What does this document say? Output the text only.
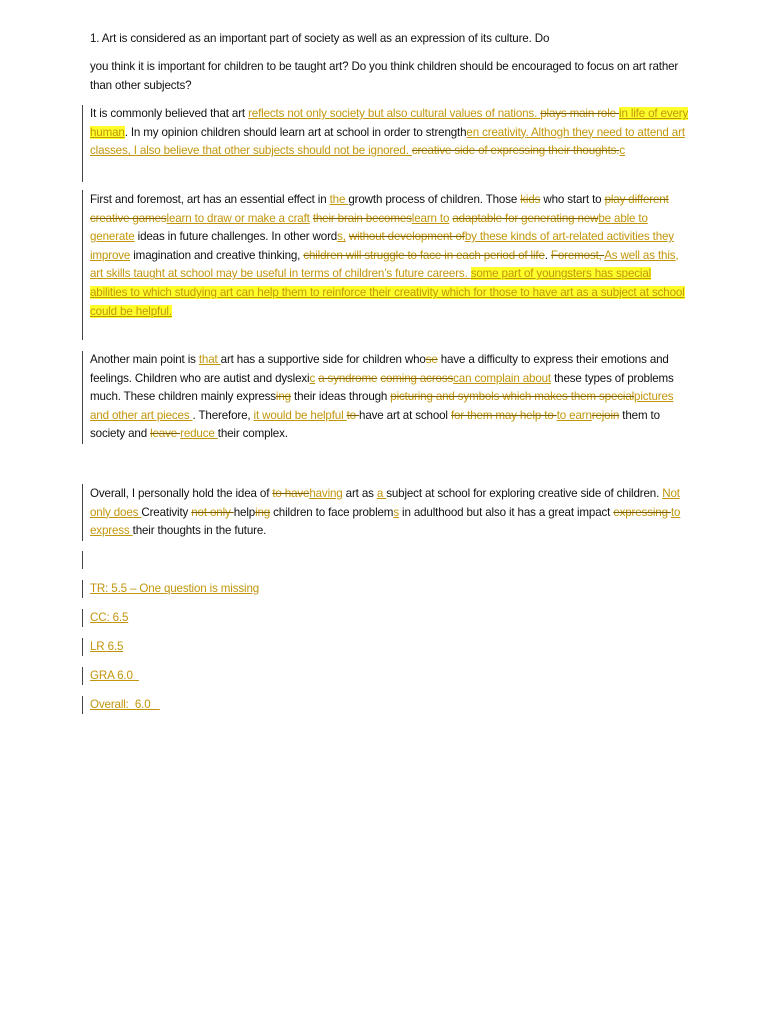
1. Art is considered as an important part of society as well as an expression of its culture. Do
you think it is important for children to be taught art? Do you think children should be encouraged to focus on art rather than other subjects?
It is commonly believed that art reflects not only society but also cultural values of nations. plays main role in life of every human. In my opinion children should learn art at school in order to strengthen creativity. Althogh they need to attend art classes, I also believe that other subjects should not be ignored. creative side of expressing their thoughts.c
First and foremost, art has an essential effect in the growth process of children. Those kids who start to play different creative gameslearn to draw or make a craft their brain becomeslearn to adaptable for generating newbe able to generate ideas in future challenges. In other words, without development ofby these kinds of art-related activities they improve imagination and creative thinking, children will struggle to face in each period of life. Foremost, As well as this, art skills taught at school may be useful in terms of children’s future careers. some part of youngsters has special abilities to which studying art can help them to reinforce their creativity which for those to have art as a subject at school could be helpful.
Another main point is that art has a supportive side for children whose have a difficulty to express their emotions and feelings. Children who are autist and dyslexic a syndrome coming acrosscan complain about these types of problems much. These children mainly expressing their ideas through picturing and symbols which makes them specialpictures and other art pieces . Therefore, it would be helpful to have art at school for them may help to to earnrejoin them to society and leave reduce their complex.
Overall, I personally hold the idea of to havehaving art as a subject at school for exploring creative side of children. Not only does Creativity not only helping children to face problems in adulthood but also it has a great impact expressing to express their thoughts in the future.
TR: 5.5 – One question is missing
CC: 6.5
LR 6.5
GRA 6.0
Overall:  6.0
